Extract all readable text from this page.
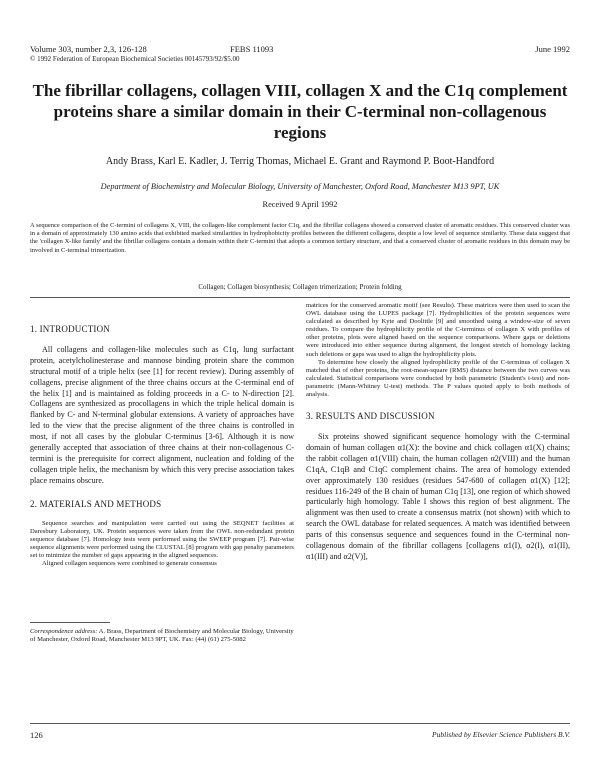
Volume 303, number 2,3, 126-128	FEBS 11093	June 1992
© 1992 Federation of European Biochemical Societies 00145793/92/$5.00
The fibrillar collagens, collagen VIII, collagen X and the C1q complement proteins share a similar domain in their C-terminal non-collagenous regions
Andy Brass, Karl E. Kadler, J. Terrig Thomas, Michael E. Grant and Raymond P. Boot-Handford
Department of Biochemistry and Molecular Biology, University of Manchester, Oxford Road, Manchester M13 9PT, UK
Received 9 April 1992
A sequence comparison of the C-termini of collagens X, VIII, the collagen-like complement factor C1q, and the fibrillar collagens showed a conserved cluster of aromatic residues. This conserved cluster was in a domain of approximately 130 amino acids that exhibited marked similarities in hydrophobicity profiles between the different collagens, despite a low level of sequence similarity. These data suggest that the 'collagen X-like family' and the fibrillar collagens contain a domain within their C-termini that adopts a common tertiary structure, and that a conserved cluster of aromatic residues in this domain may be involved in C-terminal trimerization.
Collagen; Collagen biosynthesis; Collagen trimerization; Protein folding
1. INTRODUCTION

All collagens and collagen-like molecules such as C1q, lung surfactant protein, acetylcholinesterase and mannose binding protein share the common structural motif of a triple helix (see [1] for recent review). During assembly of collagens, precise alignment of the three chains occurs at the C-terminal end of the helix [1] and is maintained as folding proceeds in a C- to N-direction [2]. Collagens are synthesized as procollagens in which the triple helical domain is flanked by C- and N-terminal globular extensions. A variety of approaches have led to the view that the precise alignment of the three chains is controlled in most, if not all cases by the globular C-terminus [3-6]. Although it is now generally accepted that association of three chains at their non-collagenous C-termini is the prerequisite for correct alignment, nucleation and folding of the collagen triple helix, the mechanism by which this very precise association takes place remains obscure.

2. MATERIALS AND METHODS

Sequence searches and manipulation were carried out using the SEQNET facilities at Daresbury Laboratory, UK. Protein sequences were taken from the OWL non-redundant protein sequence database [7]. Homology tests were performed using the SWEEP program [7]. Pair-wise sequence alignments were performed using the CLUSTAL [8] program with gap penalty parameters set to minimize the number of gaps appearing in the aligned sequences.

Aligned collagen sequences were combined to generate consensus

Correspondence address: A. Brass, Department of Biochemistry and Molecular Biology, University of Manchester, Oxford Road, Manchester M13 9PT, UK. Fax: (44) (61) 275-5082

matrices for the conserved aromatic motif (see Results). These matrices were then used to scan the OWL database using the LUPES package [7]. Hydrophilicities of the protein sequences were calculated as described by Kyte and Doolittle [9] and smoothed using a window-size of seven residues. To compare the hydrophilicity profile of the C-terminus of collagen X with profiles of other proteins, plots were aligned based on the sequence comparisons. Where gaps or deletions were introduced into either sequence during alignment, the longest stretch of homology lacking such deletions or gaps was used to align the hydrophilicity plots.

To determine how closely the aligned hydrophilicity profile of the C-terminus of collagen X matched that of other proteins, the root-mean-square (RMS) distance between the two curves was calculated. Statistical comparisons were conducted by both parametric (Student's t-test) and non-parametric (Mann-Whitney U-test) methods. The P values quoted apply to both methods of analysis.

3. RESULTS AND DISCUSSION

Six proteins showed significant sequence homology with the C-terminal domain of human collagen α1(X): the bovine and chick collagen α1(X) chains; the rabbit collagen α1(VIII) chain, the human collagen α2(VIII) and the human C1qA, C1qB and C1qC complement chains. The area of homology extended over approximately 130 residues (residues 547-680 of collagen α1(X) [12]; residues 116-249 of the B chain of human C1q [13], one region of which showed particularly high homology. Table I shows this region of best alignment. The alignment was then used to create a consensus matrix (not shown) with which to search the OWL database for related sequences. A match was identified between parts of this consensus sequence and sequences found in the C-terminal non-collagenous domain of the fibrillar collagens [collagens α1(I), α2(I), α1(II), α1(III) and α2(V)],

126	Published by Elsevier Science Publishers B.V.
